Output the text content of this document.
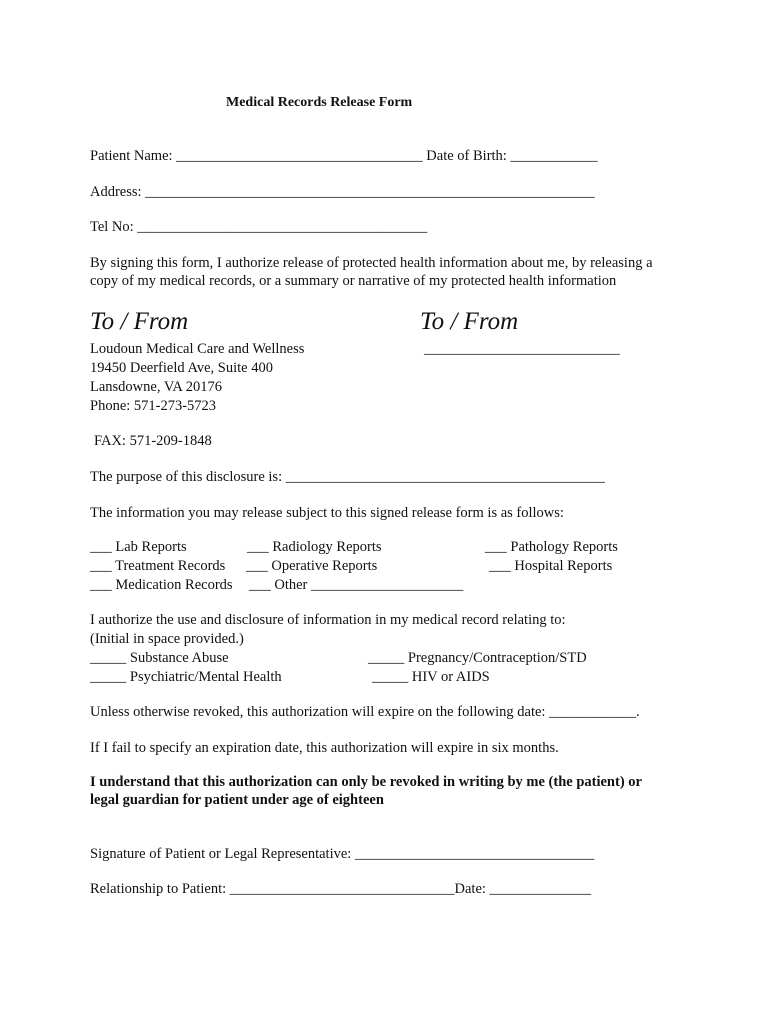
Medical Records Release Form
Patient Name: __________________________________ Date of Birth: ____________
Address: ______________________________________________________________
Tel No: ________________________________________
By signing this form, I authorize release of protected health information about me, by releasing a
copy of my medical records, or a summary or narrative of my protected health information
To / From	To / From
Loudoun Medical Care and Wellness	___________________________
19450 Deerfield Ave, Suite 400
Lansdowne, VA 20176
Phone: 571-273-5723
FAX: 571-209-1848
The purpose of this disclosure is: ____________________________________________
The information you may release subject to this signed release form is as follows:
___ Lab Reports	___ Radiology Reports	___ Pathology Reports
___ Treatment Records ___ Operative Reports	___ Hospital Reports
___ Medication Records ___ Other _____________________
I authorize the use and disclosure of information in my medical record relating to:
(Initial in space provided.)
_____ Substance Abuse	_____ Pregnancy/Contraception/STD
_____ Psychiatric/Mental Health	_____ HIV or AIDS
Unless otherwise revoked, this authorization will expire on the following date: ____________.
If I fail to specify an expiration date, this authorization will expire in six months.
I understand that this authorization can only be revoked in writing by me (the patient) or
legal guardian for patient under age of eighteen
Signature of Patient or Legal Representative: _________________________________
Relationship to Patient: _______________________________Date: ______________
